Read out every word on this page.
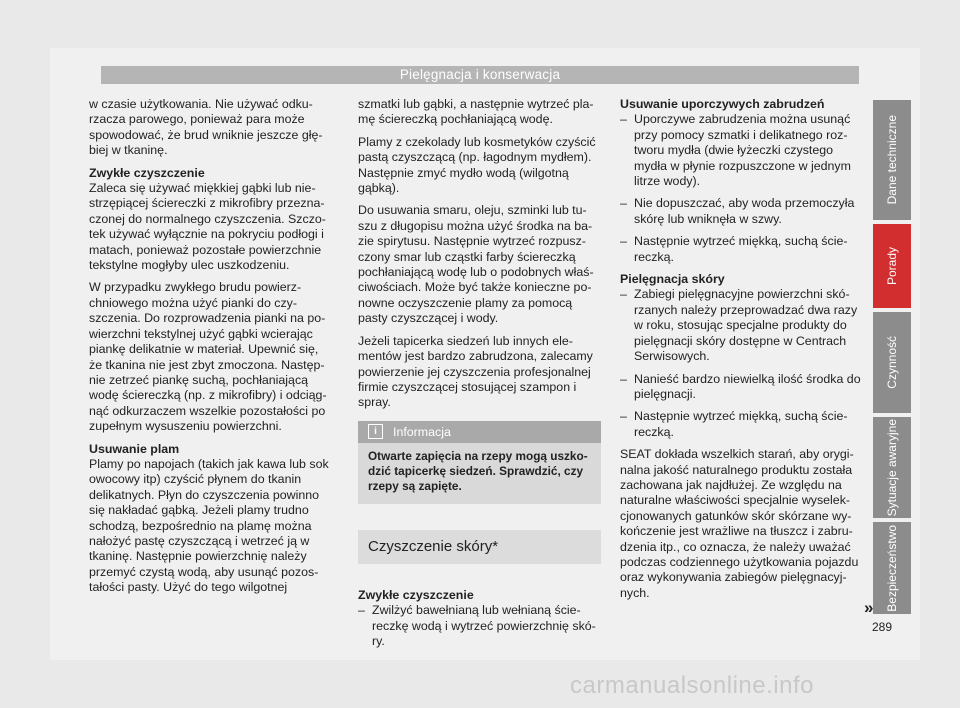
Pielęgnacja i konserwacja

w czasie użytkowania. Nie używać odku-rzacza parowego, ponieważ para może spowodować, że brud wniknie jeszcze głę-biej w tkaninę.

Zwykłe czyszczenie

Zaleca się używać miękkiej gąbki lub nie-strzępiącej ściereczki z mikrofibry przezna-czonej do normalnego czyszczenia. Szczo-tek używać wyłącznie na pokryciu podłogi i matach, ponieważ pozostałe powierzchnie tekstylne mogłyby ulec uszkodzeniu.

W przypadku zwykłego brudu powierz-chniowego można użyć pianki do czy-szczenia. Do rozprowadzenia pianki na po-wierzchni tekstylnej użyć gąbki wcierając piankę delikatnie w materiał. Upewnić się, że tkanina nie jest zbyt zmoczona. Następ-nie zetrzeć piankę suchą, pochłaniającą wodę ściereczką (np. z mikrofibry) i odciąg-nąć odkurzaczem wszelkie pozostałości po zupełnym wysuszeniu powierzchni.

Usuwanie plam

Plamy po napojach (takich jak kawa lub sok owocowy itp) czyścić płynem do tkanin delikatnych. Płyn do czyszczenia powinno się nakładać gąbką. Jeżeli plamy trudno schodzą, bezpośrednio na plamę można nałożyć pastę czyszczącą i wetrzeć ją w tkaninę. Następnie powierzchnię należy przemyć czystą wodą, aby usunąć pozos-tałości pasty. Użyć do tego wilgotnej

szmatki lub gąbki, a następnie wytrzeć pla-mę ściereczką pochłaniającą wodę.

Plamy z czekolady lub kosmetyków czyścić pastą czyszczącą (np. łagodnym mydłem). Następnie zmyć mydło wodą (wilgotną gąbką).

Do usuwania smaru, oleju, szminki lub tu-szu z długopisu można użyć środka na ba-zie spirytusu. Następnie wytrzeć rozpusz-czony smar lub cząstki farby ściereczką pochłaniającą wodę lub o podobnych właś-ciwościach. Może być także konieczne po-nowne oczyszczenie plamy za pomocą pasty czyszczącej i wody.

Jeżeli tapicerka siedzeń lub innych ele-mentów jest bardzo zabrudzona, zalecamy powierzenie jej czyszczenia profesjonalnej firmie czyszczącej stosującej szampon i spray.

i	Informacja
Otwarte zapięcia na rzepy mogą uszko-dzić tapicerkę siedzeń. Sprawdzić, czy rzepy są zapięte.
Czyszczenie skóry*
Zwykłe czyszczenie
– Zwilżyć bawełnianą lub wełnianą ście-reczkę wodą i wytrzeć powierzchnię skó-ry.
Usuwanie uporczywych zabrudzeń
– Uporczywe zabrudzenia można usunąć przy pomocy szmatki i delikatnego roz-tworu mydła (dwie łyżeczki czystego mydła w płynie rozpuszczone w jednym litrze wody).
– Nie dopuszczać, aby woda przemoczyła skórę lub wniknęła w szwy.
– Następnie wytrzeć miękką, suchą ście-reczką.
Pielęgnacja skóry
– Zabiegi pielęgnacyjne powierzchni skó-rzanych należy przeprowadzać dwa razy w roku, stosując specjalne produkty do pielęgnacji skóry dostępne w Centrach Serwisowych.
– Nanieść bardzo niewielką ilość środka do pielęgnacji.
– Następnie wytrzeć miękką, suchą ście-reczką.

SEAT dokłada wszelkich starań, aby orygi-nalna jakość naturalnego produktu została zachowana jak najdłużej. Ze względu na naturalne właściwości specjalnie wyselek-cjonowanych gatunków skór skórzane wy-kończenie jest wrażliwe na tłuszcz i zabru-dzenia itp., co oznacza, że należy uważać podczas codziennego użytkowania pojazdu oraz wykonywania zabiegów pielęgnacyj-nych.

Dane techniczne
Porady
Czynność
Sytuacje awaryjne
Bezpieczeństwo
»
289
carmanualsonline.info
